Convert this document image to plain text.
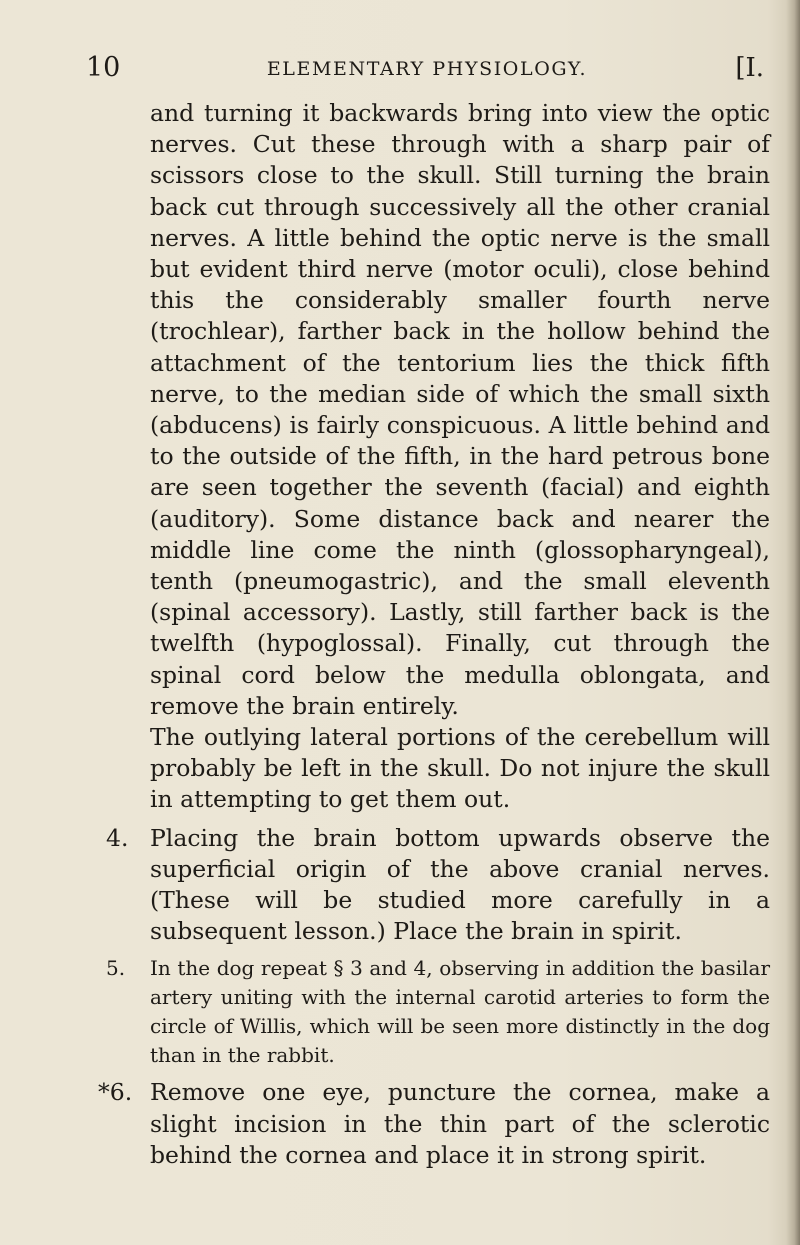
10	ELEMENTARY PHYSIOLOGY.	[I.

and turning it backwards bring into view the optic nerves. Cut these through with a sharp pair of scissors close to the skull. Still turning the brain back cut through successively all the other cranial nerves. A little behind the optic nerve is the small but evident third nerve (motor oculi), close behind this the considerably smaller fourth nerve (trochlear), farther back in the hollow behind the attachment of the tentorium lies the thick fifth nerve, to the median side of which the small sixth (abducens) is fairly conspicuous. A little behind and to the outside of the fifth, in the hard petrous bone are seen together the seventh (facial) and eighth (auditory). Some distance back and nearer the middle line come the ninth (glossopharyngeal), tenth (pneumogastric), and the small eleventh (spinal accessory). Lastly, still farther back is the twelfth (hypoglossal). Finally, cut through the spinal cord below the medulla oblongata, and remove the brain entirely.

The outlying lateral portions of the cerebellum will probably be left in the skull. Do not injure the skull in attempting to get them out.

4. Placing the brain bottom upwards observe the superficial origin of the above cranial nerves. (These will be studied more carefully in a subsequent lesson.) Place the brain in spirit.

5. In the dog repeat § 3 and 4, observing in addition the basilar artery uniting with the internal carotid arteries to form the circle of Willis, which will be seen more distinctly in the dog than in the rabbit.

*6. Remove one eye, puncture the cornea, make a slight incision in the thin part of the sclerotic behind the cornea and place it in strong spirit.
